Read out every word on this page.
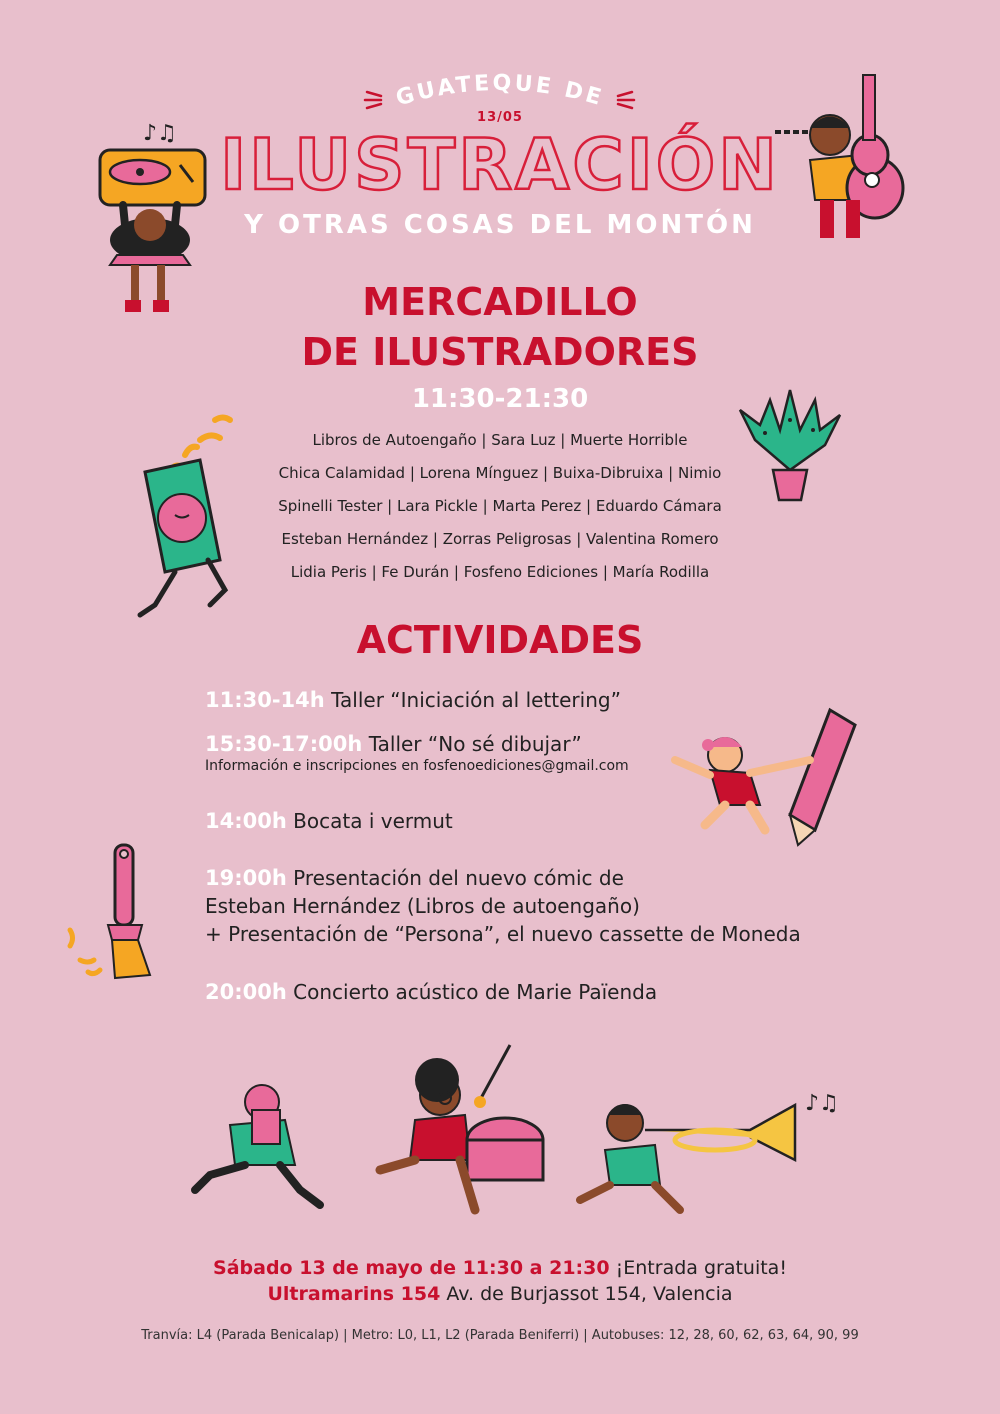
GUATEQUE DE
13/05
ILUSTRACIÓN
Y OTRAS COSAS DEL MONTÓN
MERCADILLO
DE ILUSTRADORES
11:30-21:30
Libros de Autoengaño | Sara Luz | Muerte Horrible
Chica Calamidad | Lorena Mínguez | Buixa-Dibruixa | Nimio
Spinelli Tester | Lara Pickle | Marta Perez | Eduardo Cámara
Esteban Hernández | Zorras Peligrosas | Valentina Romero
Lidia Peris | Fe Durán | Fosfeno Ediciones | María Rodilla
ACTIVIDADES
11:30-14h Taller “Iniciación al lettering”
15:30-17:00h Taller “No sé dibujar”
Información e inscripciones en fosfenoediciones@gmail.com
14:00h Bocata i vermut
19:00h Presentación del nuevo cómic de
Esteban Hernández (Libros de autoengaño)
+ Presentación de “Persona”, el nuevo cassette de Moneda
20:00h Concierto acústico de Marie Païenda
Sábado 13 de mayo de 11:30 a 21:30 ¡Entrada gratuita!
Ultramarins 154 Av. de Burjassot 154, Valencia
Tranvía: L4 (Parada Benicalap) | Metro: L0, L1, L2 (Parada Beniferri) | Autobuses: 12, 28, 60, 62, 63, 64, 90, 99
♪♫
♪♫
